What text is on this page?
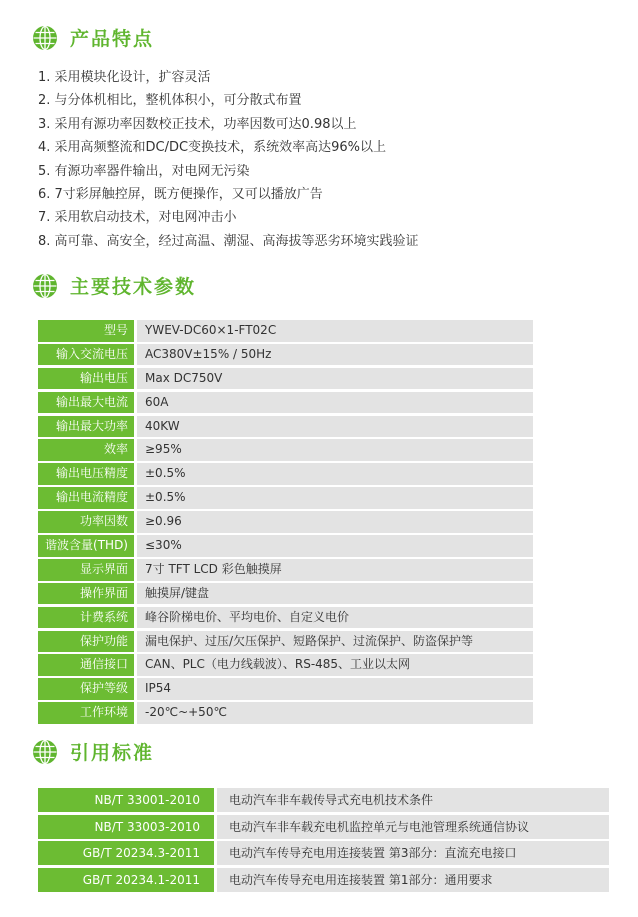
产品特点
1. 采用模块化设计，扩容灵活
2. 与分体机相比，整机体积小，可分散式布置
3. 采用有源功率因数校正技术，功率因数可达0.98以上
4. 采用高频整流和DC/DC变换技术，系统效率高达96%以上
5. 有源功率器件输出，对电网无污染
6. 7寸彩屏触控屏，既方便操作，又可以播放广告
7. 采用软启动技术，对电网冲击小
8. 高可靠、高安全，经过高温、潮湿、高海拔等恶劣环境实践验证
主要技术参数
型号	YWEV-DC60×1-FT02C
输入交流电压	AC380V±15% / 50Hz
输出电压	Max DC750V
输出最大电流	60A
输出最大功率	40KW
效率	≥95%
输出电压精度	±0.5%
输出电流精度	±0.5%
功率因数	≥0.96
谐波含量(THD)	≤30%
显示界面	7寸 TFT LCD 彩色触摸屏
操作界面	触摸屏/键盘
计费系统	峰谷阶梯电价、平均电价、自定义电价
保护功能	漏电保护、过压/欠压保护、短路保护、过流保护、防盗保护等
通信接口	CAN、PLC（电力线载波）、RS-485、工业以太网
保护等级	IP54
工作环境	-20℃~+50℃
引用标准
NB/T 33001-2010	电动汽车非车载传导式充电机技术条件
NB/T 33003-2010	电动汽车非车载充电机监控单元与电池管理系统通信协议
GB/T 20234.3-2011	电动汽车传导充电用连接装置 第3部分：直流充电接口
GB/T 20234.1-2011	电动汽车传导充电用连接装置 第1部分：通用要求
